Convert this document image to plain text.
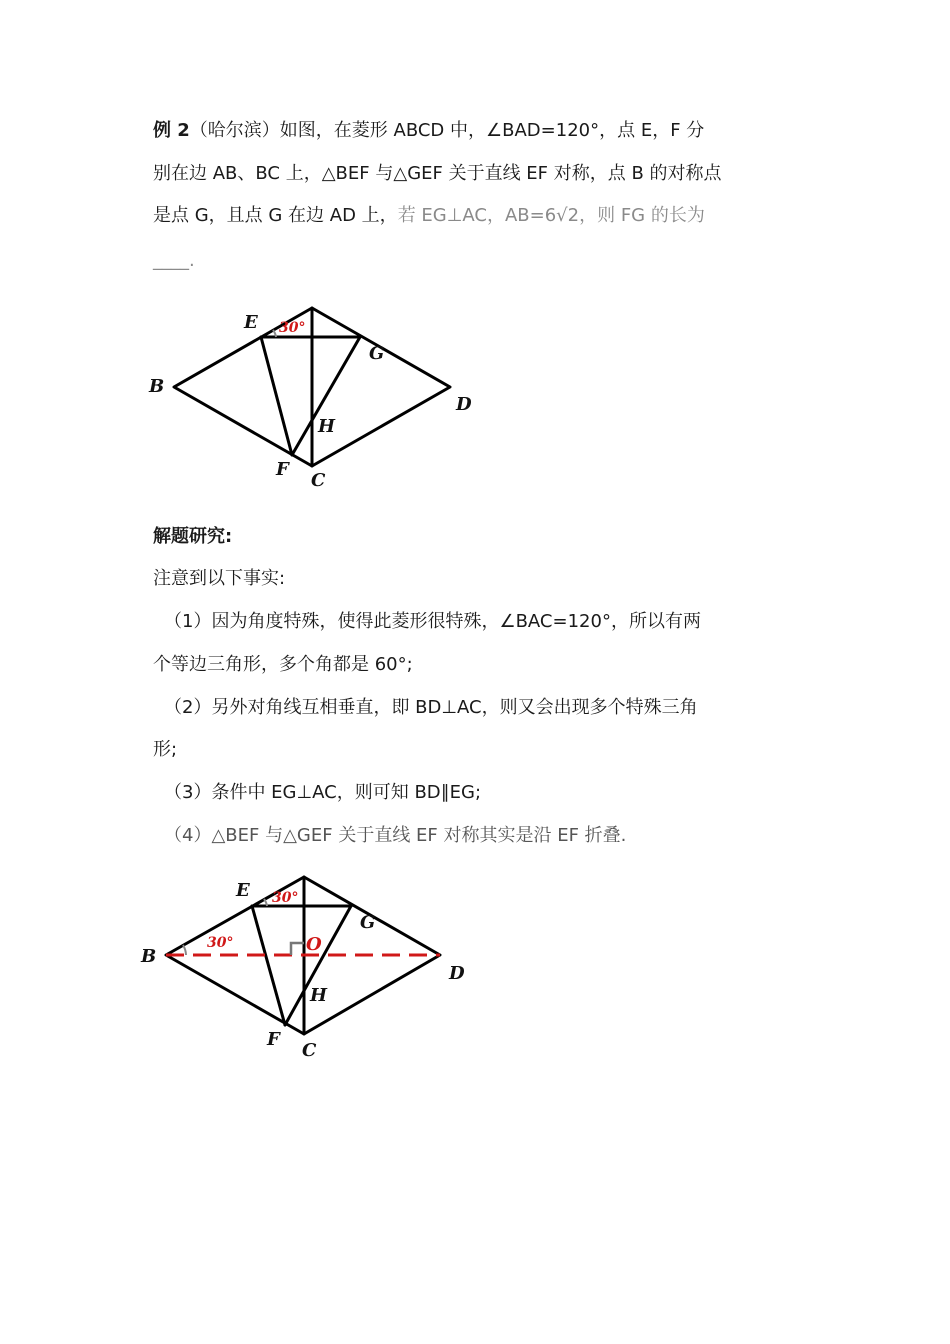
例 2（哈尔滨）如图，在菱形 ABCD 中，∠BAD=120°，点 E，F 分
别在边 AB、BC 上，△BEF 与△GEF 关于直线 EF 对称，点 B 的对称点
是点 G，且点 G 在边 AD 上，若 EG⊥AC，AB=6√2，则 FG 的长为
____.
30°
E
G
B
D
H
F
C
解题研究:
注意到以下事实:
（1）因为角度特殊，使得此菱形很特殊，∠BAC=120°，所以有两
个等边三角形，多个角都是 60°;
（2）另外对角线互相垂直，即 BD⊥AC，则又会出现多个特殊三角
形;
（3）条件中 EG⊥AC，则可知 BD∥EG;
（4）△BEF 与△GEF 关于直线 EF 对称其实是沿 EF 折叠.
30°
30°
E
G
B
D
O
H
F
C
